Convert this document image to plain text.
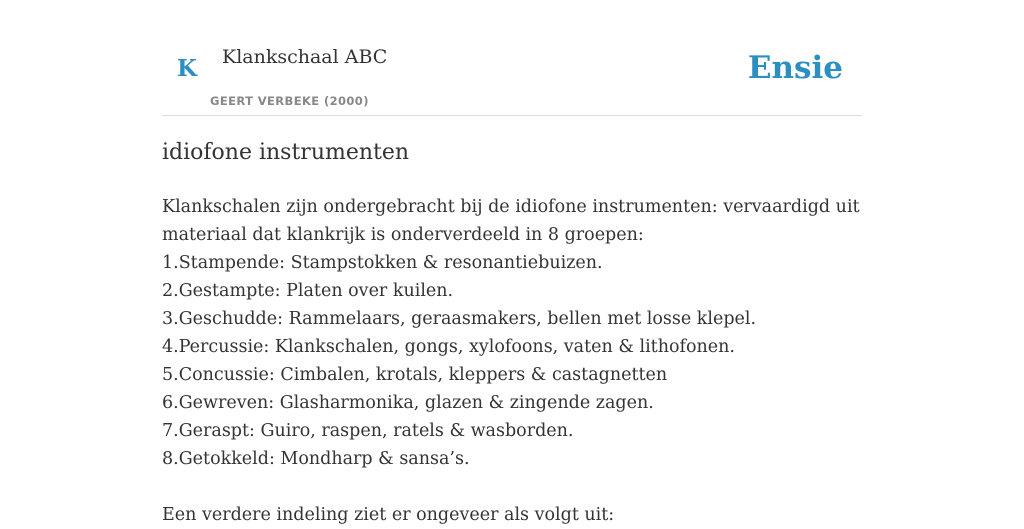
K Klankschaal ABC
GEERT VERBEKE (2000)
Ensie
idiofone instrumenten

Klankschalen zijn ondergebracht bij de idiofone instrumenten: vervaardigd uit materiaal dat klankrijk is onderverdeeld in 8 groepen:

1.Stampende: Stampstokken & resonantiebuizen.

2.Gestampte: Platen over kuilen.

3.Geschudde: Rammelaars, geraasmakers, bellen met losse klepel.

4.Percussie: Klankschalen, gongs, xylofoons, vaten & lithofonen.

5.Concussie: Cimbalen, krotals, kleppers & castagnetten

6.Gewreven: Glasharmonika, glazen & zingende zagen.

7.Geraspt: Guiro, raspen, ratels & wasborden.

8.Getokkeld: Mondharp & sansa’s.

Een verdere indeling ziet er ongeveer als volgt uit:
